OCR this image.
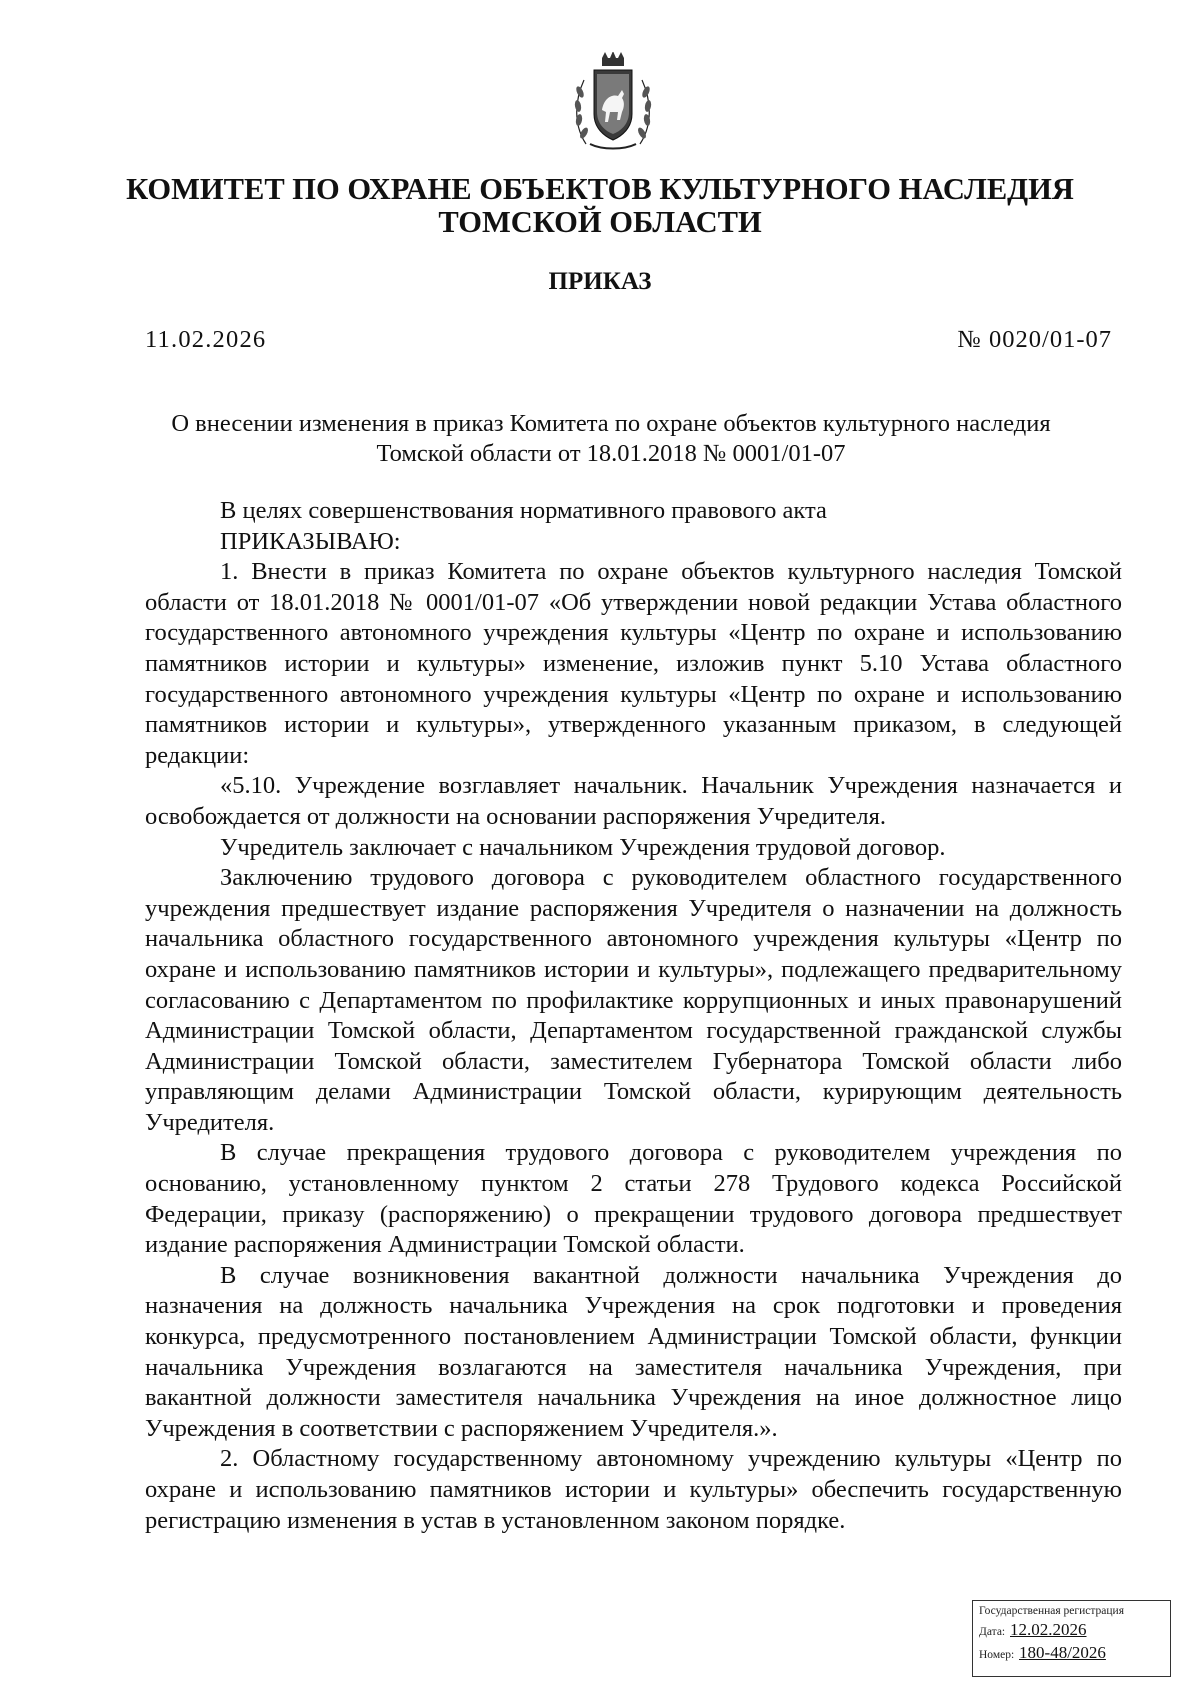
КОМИТЕТ ПО ОХРАНЕ ОБЪЕКТОВ КУЛЬТУРНОГО НАСЛЕДИЯ
ТОМСКОЙ ОБЛАСТИ
ПРИКАЗ
11.02.2026	№ 0020/01-07
О внесении изменения в приказ Комитета по охране объектов культурного наследия
Томской области от 18.01.2018 № 0001/01-07

В целях совершенствования нормативного правового акта

ПРИКАЗЫВАЮ:

1. Внести в приказ Комитета по охране объектов культурного наследия Томской области от 18.01.2018 № 0001/01-07 «Об утверждении новой редакции Устава областного государственного автономного учреждения культуры «Центр по охране и использованию памятников истории и культуры» изменение, изложив пункт 5.10 Устава областного государственного автономного учреждения культуры «Центр по охране и использованию памятников истории и культуры», утвержденного указанным приказом, в следующей редакции:

«5.10. Учреждение возглавляет начальник. Начальник Учреждения назначается и освобождается от должности на основании распоряжения Учредителя.

Учредитель заключает с начальником Учреждения трудовой договор.

Заключению трудового договора с руководителем областного государственного учреждения предшествует издание распоряжения Учредителя о назначении на должность начальника областного государственного автономного учреждения культуры «Центр по охране и использованию памятников истории и культуры», подлежащего предварительному согласованию с Департаментом по профилактике коррупционных и иных правонарушений Администрации Томской области, Департаментом государственной гражданской службы Администрации Томской области, заместителем Губернатора Томской области либо управляющим делами Администрации Томской области, курирующим деятельность Учредителя.

В случае прекращения трудового договора с руководителем учреждения по основанию, установленному пунктом 2 статьи 278 Трудового кодекса Российской Федерации, приказу (распоряжению) о прекращении трудового договора предшествует издание распоряжения Администрации Томской области.

В случае возникновения вакантной должности начальника Учреждения до назначения на должность начальника Учреждения на срок подготовки и проведения конкурса, предусмотренного постановлением Администрации Томской области, функции начальника Учреждения возлагаются на заместителя начальника Учреждения, при вакантной должности заместителя начальника Учреждения на иное должностное лицо Учреждения в соответствии с распоряжением Учредителя.».

2. Областному государственному автономному учреждению культуры «Центр по охране и использованию памятников истории и культуры» обеспечить государственную регистрацию изменения в устав в установленном законом порядке.

Государственная регистрация
Дата: 12.02.2026
Номер: 180-48/2026
